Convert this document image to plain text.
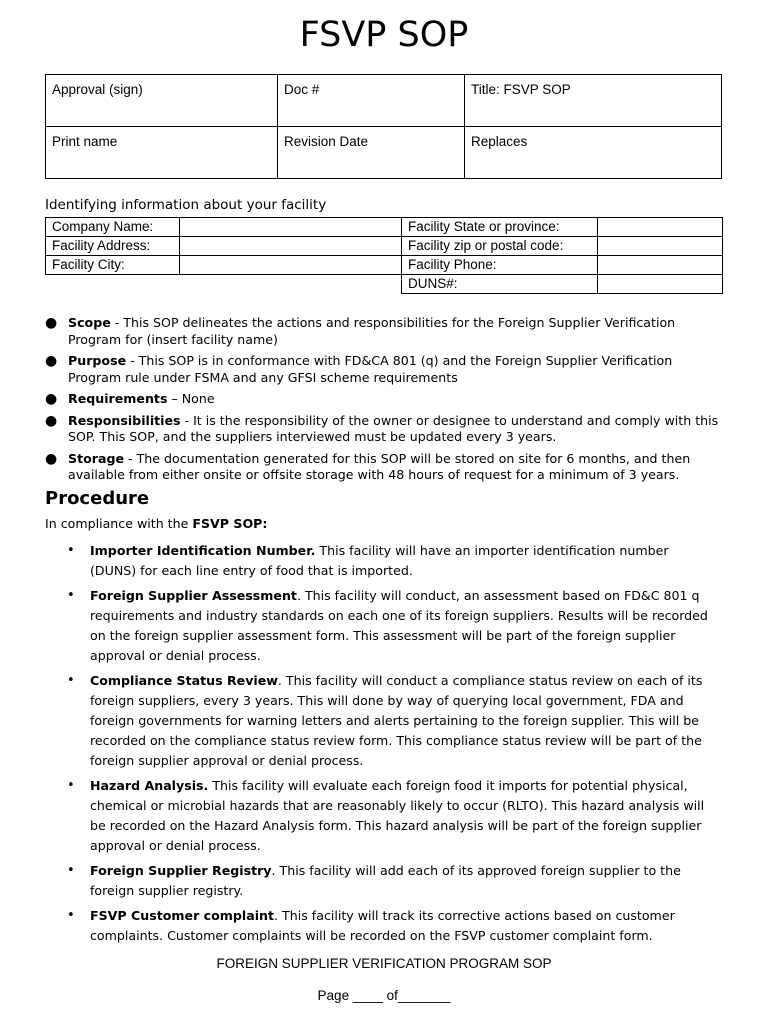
FSVP SOP
Approval (sign)	Doc #	Title: FSVP SOP
Print name	Revision Date	Replaces
Identifying information about your facility
Company Name:		Facility State or province:	
Facility Address:		Facility zip or postal code:	
Facility City:		Facility Phone:	
		DUNS#:	
● Scope - This SOP delineates the actions and responsibilities for the Foreign Supplier Verification Program for (insert facility name)
● Purpose - This SOP is in conformance with FD&CA 801 (q) and the Foreign Supplier Verification Program rule under FSMA and any GFSI scheme requirements
● Requirements – None
● Responsibilities - It is the responsibility of the owner or designee to understand and comply with this SOP. This SOP, and the suppliers interviewed must be updated every 3 years.
● Storage - The documentation generated for this SOP will be stored on site for 6 months, and then available from either onsite or offsite storage with 48 hours of request for a minimum of 3 years.
Procedure
In compliance with the FSVP SOP:
• Importer Identification Number. This facility will have an importer identification number (DUNS) for each line entry of food that is imported.
• Foreign Supplier Assessment. This facility will conduct, an assessment based on FD&C 801 q requirements and industry standards on each one of its foreign suppliers. Results will be recorded on the foreign supplier assessment form. This assessment will be part of the foreign supplier approval or denial process.
• Compliance Status Review. This facility will conduct a compliance status review on each of its foreign suppliers, every 3 years. This will done by way of querying local government, FDA and foreign governments for warning letters and alerts pertaining to the foreign supplier. This will be recorded on the compliance status review form. This compliance status review will be part of the foreign supplier approval or denial process.
• Hazard Analysis. This facility will evaluate each foreign food it imports for potential physical, chemical or microbial hazards that are reasonably likely to occur (RLTO). This hazard analysis will be recorded on the Hazard Analysis form. This hazard analysis will be part of the foreign supplier approval or denial process.
• Foreign Supplier Registry. This facility will add each of its approved foreign supplier to the foreign supplier registry.
• FSVP Customer complaint. This facility will track its corrective actions based on customer complaints. Customer complaints will be recorded on the FSVP customer complaint form.
FOREIGN SUPPLIER VERIFICATION PROGRAM SOP
Page ____ of_______
